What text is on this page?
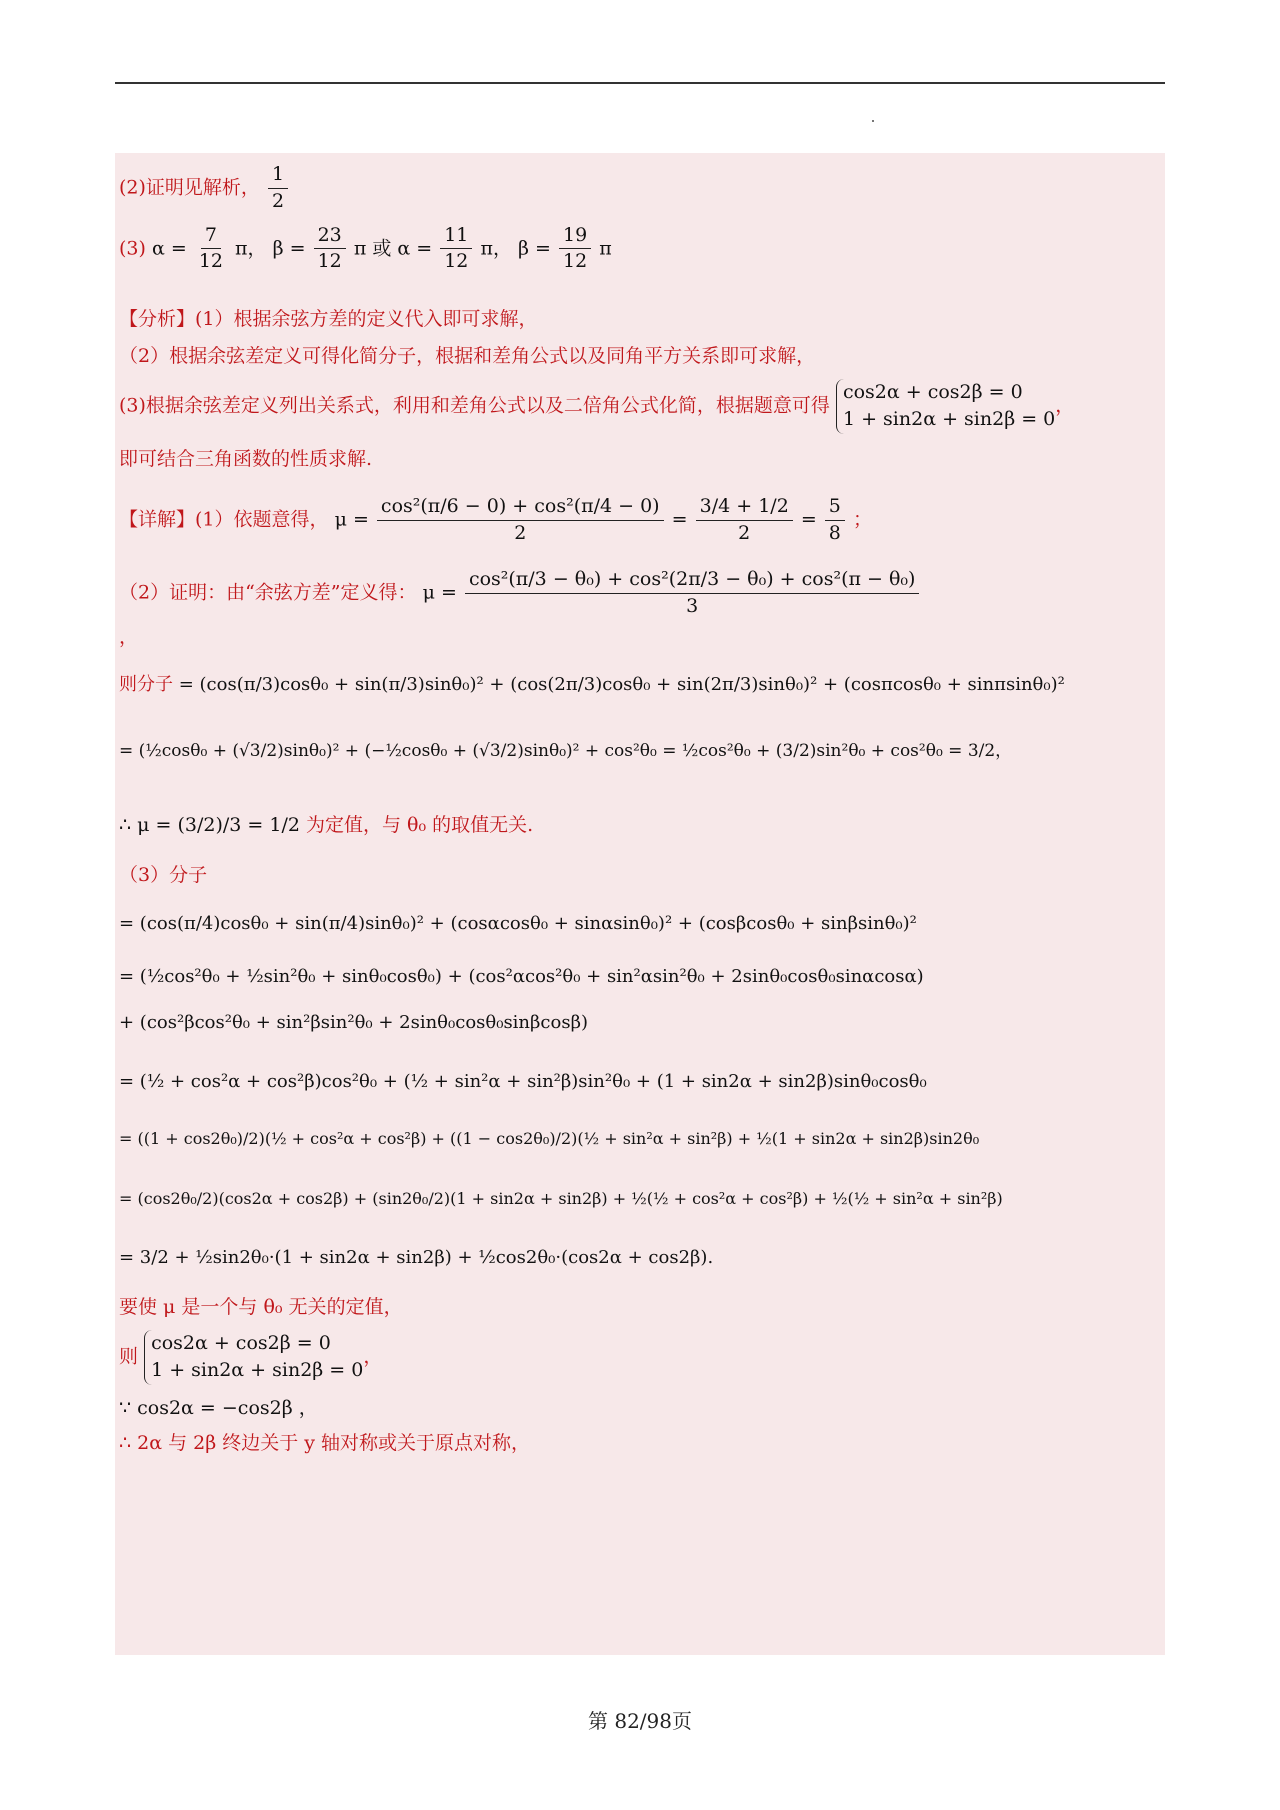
(2)证明见解析， $\frac{1}{2}$

(3) $\alpha = \frac{7}{12}$ π， $\beta = \frac{23}{12}$ π 或 $\alpha = \frac{11}{12}$ π， $\beta = \frac{19}{12}$ π

【分析】(1）根据余弦方差的定义代入即可求解，

（2）根据余弦差定义可得化简分子，根据和差角公式以及同角平方关系即可求解，

(3)根据余弦差定义列出关系式，利用和差角公式以及二倍角公式化简，根据题意可得
cos2α + cos2β = 0
1 + sin2α + sin2β = 0
，

即可结合三角函数的性质求解.

【详解】(1）依题意得， $\mu = \frac{\text{cos²(π/6 − 0) + cos²(π/4 − 0)}}{2} = \frac{3/4 + 1/2}{2} = \frac{5}{8}$ ；

（2）证明：由“余弦方差”定义得： $\mu = \frac{\text{cos²(π/3 − θ₀) + cos²(2π/3 − θ₀) + cos²(π − θ₀)}}{3}$

，

则分子 = (cos(π/3)cosθ₀ + sin(π/3)sinθ₀)² + (cos(2π/3)cosθ₀ + sin(2π/3)sinθ₀)² + (cosπcosθ₀ + sinπsinθ₀)²

= (½cosθ₀ + (√3/2)sinθ₀)² + (−½cosθ₀ + (√3/2)sinθ₀)² + cos²θ₀ = ½cos²θ₀ + (3/2)sin²θ₀ + cos²θ₀ = 3/2，

∴ μ = (3/2)/3 = 1/2 为定值，与 θ₀ 的取值无关.

（3）分子

= (cos(π/4)cosθ₀ + sin(π/4)sinθ₀)² + (cosαcosθ₀ + sinαsinθ₀)² + (cosβcosθ₀ + sinβsinθ₀)²

= (½cos²θ₀ + ½sin²θ₀ + sinθ₀cosθ₀) + (cos²αcos²θ₀ + sin²αsin²θ₀ + 2sinθ₀cosθ₀sinαcosα)

+ (cos²βcos²θ₀ + sin²βsin²θ₀ + 2sinθ₀cosθ₀sinβcosβ)

= (½ + cos²α + cos²β)cos²θ₀ + (½ + sin²α + sin²β)sin²θ₀ + (1 + sin2α + sin2β)sinθ₀cosθ₀

= ((1 + cos2θ₀)/2)(½ + cos²α + cos²β) + ((1 − cos2θ₀)/2)(½ + sin²α + sin²β) + ½(1 + sin2α + sin2β)sin2θ₀

= (cos2θ₀/2)(cos2α + cos2β) + (sin2θ₀/2)(1 + sin2α + sin2β) + ½(½ + cos²α + cos²β) + ½(½ + sin²α + sin²β)

= 3/2 + ½sin2θ₀·(1 + sin2α + sin2β) + ½cos2θ₀·(cos2α + cos2β).

要使 μ 是一个与 θ₀ 无关的定值，

则
cos2α + cos2β = 0
1 + sin2α + sin2β = 0
，

∵ cos2α = −cos2β ，

∴ 2α 与 2β 终边关于 y 轴对称或关于原点对称，

第 82/98页
